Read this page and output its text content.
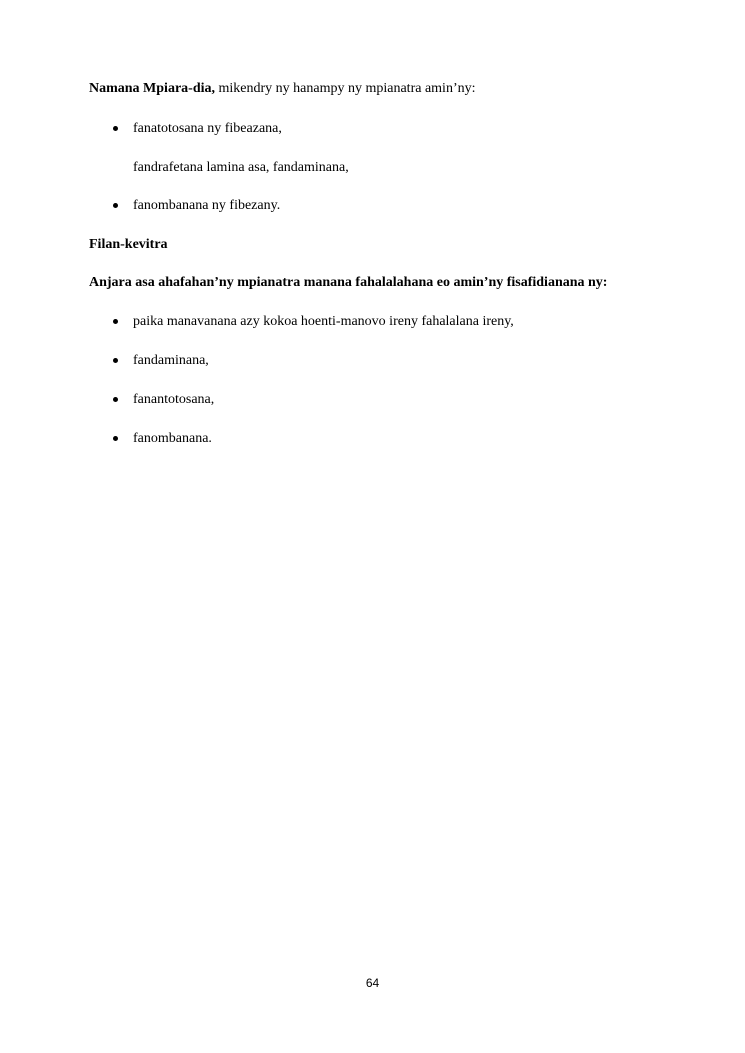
Namana Mpiara-dia, mikendry ny hanampy ny mpianatra amin’ny:
fanatotosana ny fibeazana,
fandrafetana lamina asa, fandaminana,
fanombanana ny fibezany.
Filan-kevitra
Anjara asa ahafahan’ny mpianatra manana fahalalahana eo amin’ny fisafidianana ny:
paika manavanana azy kokoa hoenti-manovo ireny fahalalana ireny,
fandaminana,
fanantotosana,
fanombanana.
64
